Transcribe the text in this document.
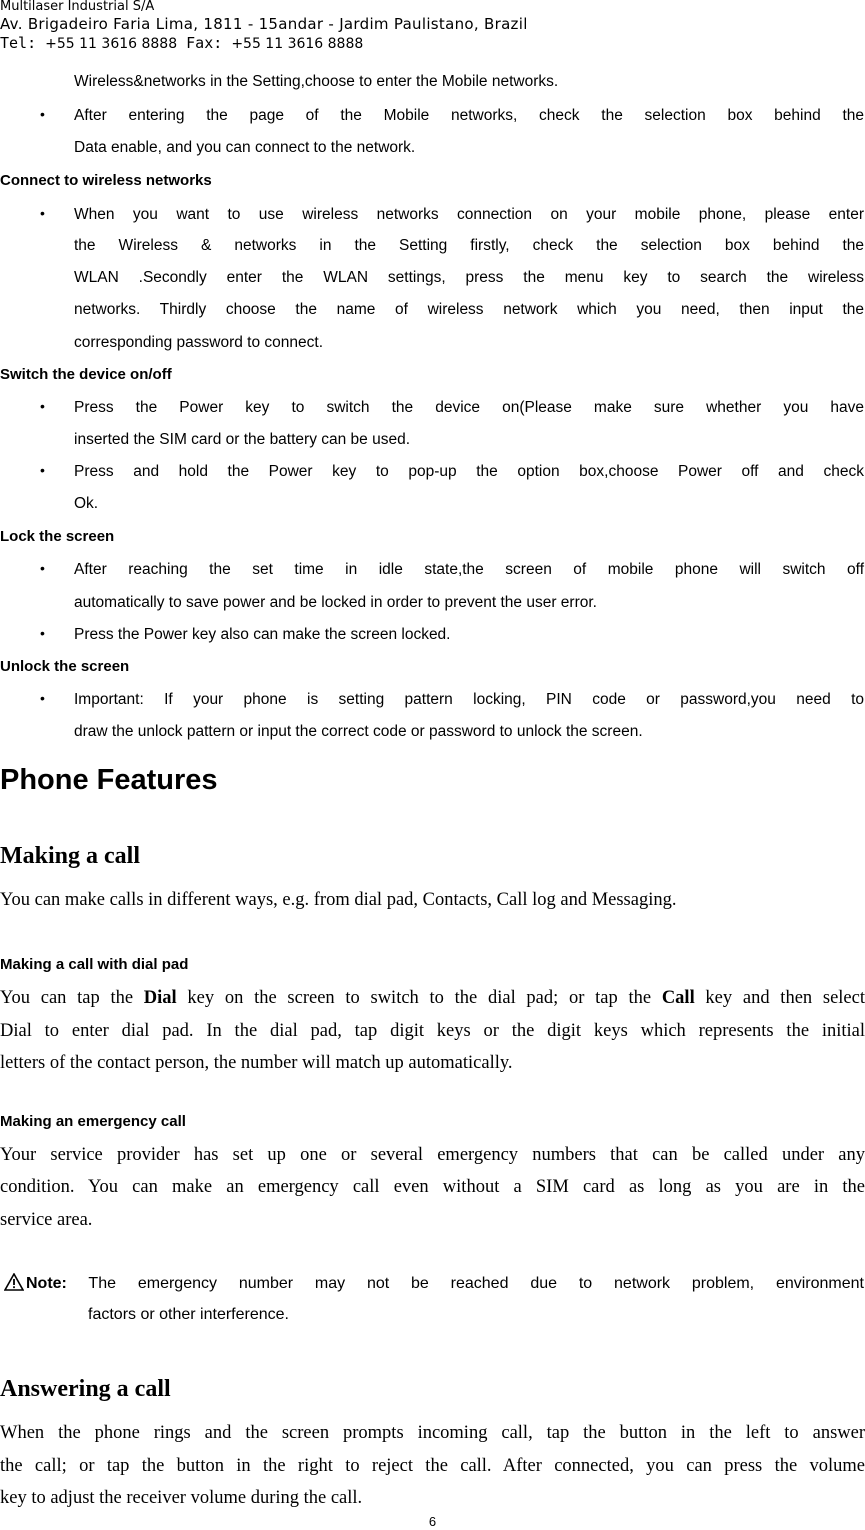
Multilaser Industrial S/A
Av. Brigadeiro Faria Lima, 1811 - 15andar - Jardim Paulistano, Brazil
Tel: +55 11 3616 8888 Fax: +55 11 3616 8888
Wireless&networks in the Setting,choose to enter the Mobile networks.
• After entering the page of the Mobile networks, check the selection box behind the
Data enable, and you can connect to the network.
Connect to wireless networks
• When you want to use wireless networks connection on your mobile phone, please enter
the Wireless & networks in the Setting firstly, check the selection box behind the
WLAN .Secondly enter the WLAN settings, press the menu key to search the wireless
networks. Thirdly choose the name of wireless network which you need, then input the
corresponding password to connect.
Switch the device on/off
• Press the Power key to switch the device on(Please make sure whether you have
inserted the SIM card or the battery can be used.
• Press and hold the Power key to pop-up the option box,choose Power off and check
Ok.
Lock the screen
• After reaching the set time in idle state,the screen of mobile phone will switch off
automatically to save power and be locked in order to prevent the user error.
• Press the Power key also can make the screen locked.
Unlock the screen
• Important: If your phone is setting pattern locking, PIN code or password,you need to
draw the unlock pattern or input the correct code or password to unlock the screen.
Phone Features
Making a call
You can make calls in different ways, e.g. from dial pad, Contacts, Call log and Messaging.
Making a call with dial pad
You can tap the Dial key on the screen to switch to the dial pad; or tap the Call key and then select
Dial to enter dial pad. In the dial pad, tap digit keys or the digit keys which represents the initial
letters of the contact person, the number will match up automatically.
Making an emergency call
Your service provider has set up one or several emergency numbers that can be called under any
condition. You can make an emergency call even without a SIM card as long as you are in the
service area.
Note: The emergency number may not be reached due to network problem, environment
factors or other interference.
Answering a call
When the phone rings and the screen prompts incoming call, tap the button in the left to answer
the call; or tap the button in the right to reject the call. After connected, you can press the volume
key to adjust the receiver volume during the call.
6
